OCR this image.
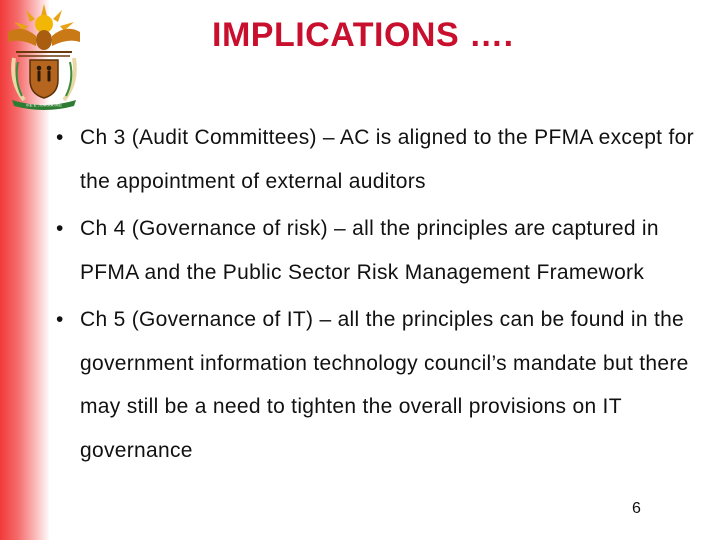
!KE E: /XARRA //KE
IMPLICATIONS ….
• Ch 3 (Audit Committees) – AC is aligned to the PFMA except for the appointment of external auditors
• Ch 4 (Governance of risk) – all the principles are captured in PFMA and the Public Sector Risk Management Framework
• Ch 5 (Governance of IT) – all the principles can be found in the government information technology council’s mandate but there may still be a need to tighten the overall provisions on IT governance
6
